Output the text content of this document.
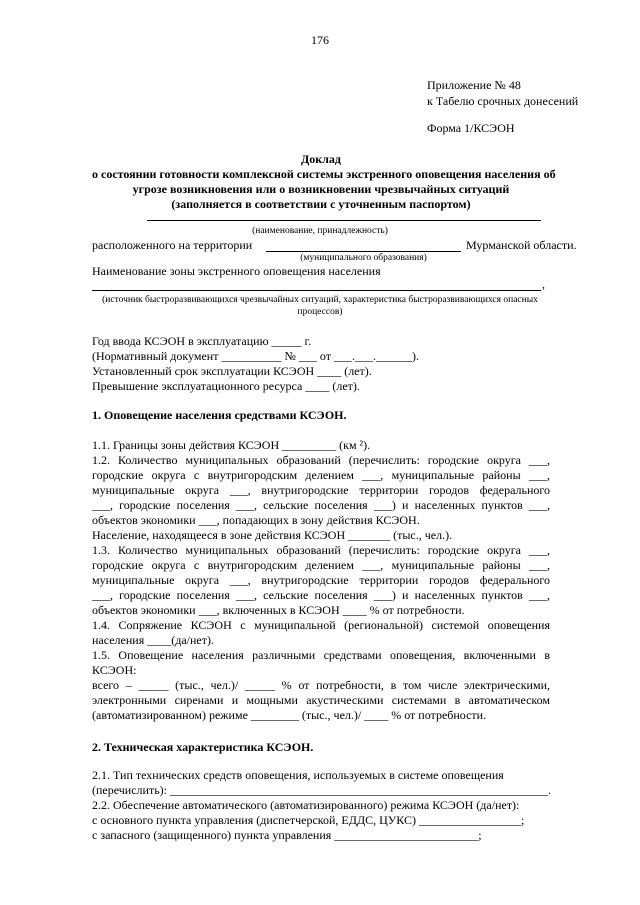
176
Приложение № 48
к Табелю срочных донесений
Форма 1/КСЭОН
Доклад
о состоянии готовности комплексной системы экстренного оповещения населения об
угрозе возникновения или о возникновении чрезвычайных ситуаций
(заполняется в соответствии с уточненным паспортом)
(наименование, принадлежность)
расположенного на территории	Мурманской области.
(муниципального образования)
Наименование зоны экстренного оповещения населения
,
(источник быстроразвивающихся чрезвычайных ситуаций, характеристика быстроразвивающихся опасных
процессов)
Год ввода КСЭОН в эксплуатацию _____ г.
(Нормативный документ __________ № ___ от ___.___.______).
Установленный срок эксплуатации КСЭОН ____ (лет).
Превышение эксплуатационного ресурса ____ (лет).
1. Оповещение населения средствами КСЭОН.
1.1. Границы зоны действия КСЭОН _________ (км ²).
1.2. Количество муниципальных образований (перечислить: городские округа ___,
городские округа с внутригородским делением ___, муниципальные районы ___,
муниципальные округа ___, внутригородские территории городов федерального
___, городские поселения ___, сельские поселения ___) и населенных пунктов ___,
объектов экономики ___, попадающих в зону действия КСЭОН.
Население, находящееся в зоне действия КСЭОН _______ (тыс., чел.).
1.3. Количество муниципальных образований (перечислить: городские округа ___,
городские округа с внутригородским делением ___, муниципальные районы ___,
муниципальные округа ___, внутригородские территории городов федерального
___, городские поселения ___, сельские поселения ___) и населенных пунктов ___,
объектов экономики ___, включенных в КСЭОН ____ % от потребности.
1.4. Сопряжение КСЭОН с муниципальной (региональной) системой оповещения
населения ____(да/нет).
1.5. Оповещение населения различными средствами оповещения, включенными в
КСЭОН:
всего – _____ (тыс., чел.)/ _____ % от потребности, в том числе электрическими,
электронными сиренами и мощными акустическими системами в автоматическом
(автоматизированном) режиме ________ (тыс., чел.)/ ____ % от потребности.
2. Техническая характеристика КСЭОН.
2.1. Тип технических средств оповещения, используемых в системе оповещения
(перечислить): _______________________________________________________________.
2.2. Обеспечение автоматического (автоматизированного) режима КСЭОН (да/нет):
с основного пункта управления (диспетчерской, ЕДДС, ЦУКС) _________________;
с запасного (защищенного) пункта управления ________________________;
